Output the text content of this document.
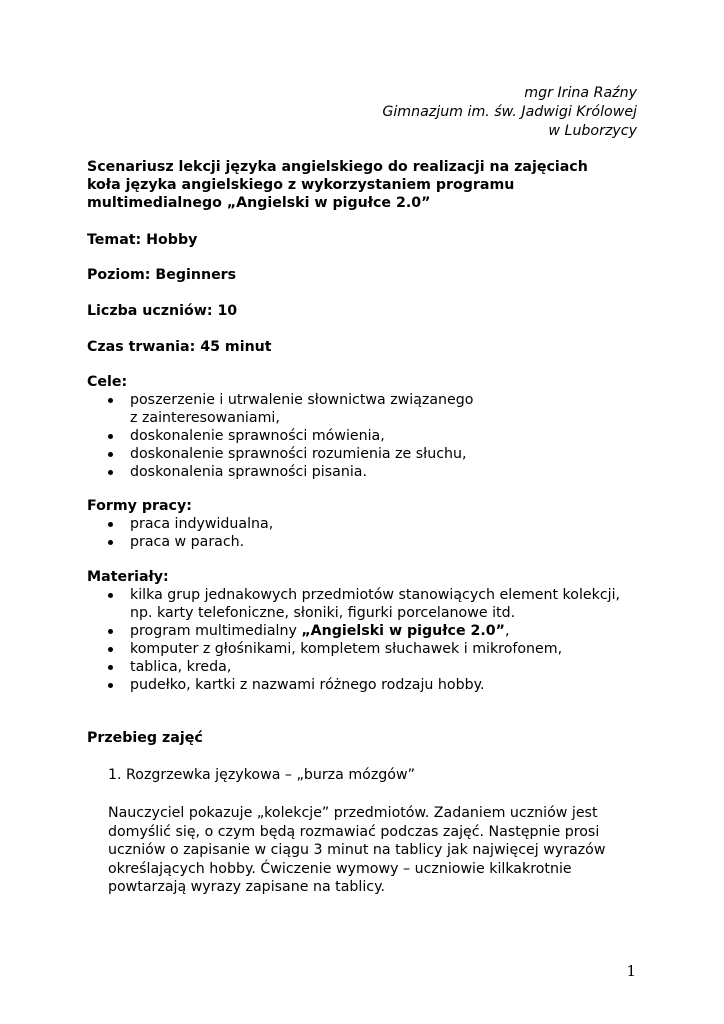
mgr Irina Raźny
Gimnazjum im. św. Jadwigi Królowej
w Luborzycy
Scenariusz lekcji języka angielskiego do realizacji na zajęciach
koła języka angielskiego z wykorzystaniem programu
multimedialnego „Angielski w pigułce 2.0”
Temat: Hobby
Poziom: Beginners
Liczba uczniów: 10
Czas trwania: 45 minut
Cele:
poszerzenie i utrwalenie słownictwa związanego
z zainteresowaniami,
doskonalenie sprawności mówienia,
doskonalenie sprawności rozumienia ze słuchu,
doskonalenia sprawności pisania.
Formy pracy:
praca indywidualna,
praca w parach.
Materiały:
kilka grup jednakowych przedmiotów stanowiących element kolekcji,
np. karty telefoniczne, słoniki, figurki porcelanowe itd.
program multimedialny „Angielski w pigułce 2.0”,
komputer z głośnikami, kompletem słuchawek i mikrofonem,
tablica, kreda,
pudełko, kartki z nazwami różnego rodzaju hobby.
Przebieg zajęć
1. Rozgrzewka językowa – „burza mózgów”
Nauczyciel pokazuje „kolekcje” przedmiotów. Zadaniem uczniów jest
domyślić się, o czym będą rozmawiać podczas zajęć. Następnie prosi
uczniów o zapisanie w ciągu 3 minut na tablicy jak najwięcej wyrazów
określających hobby. Ćwiczenie wymowy – uczniowie kilkakrotnie
powtarzają wyrazy zapisane na tablicy.
1
